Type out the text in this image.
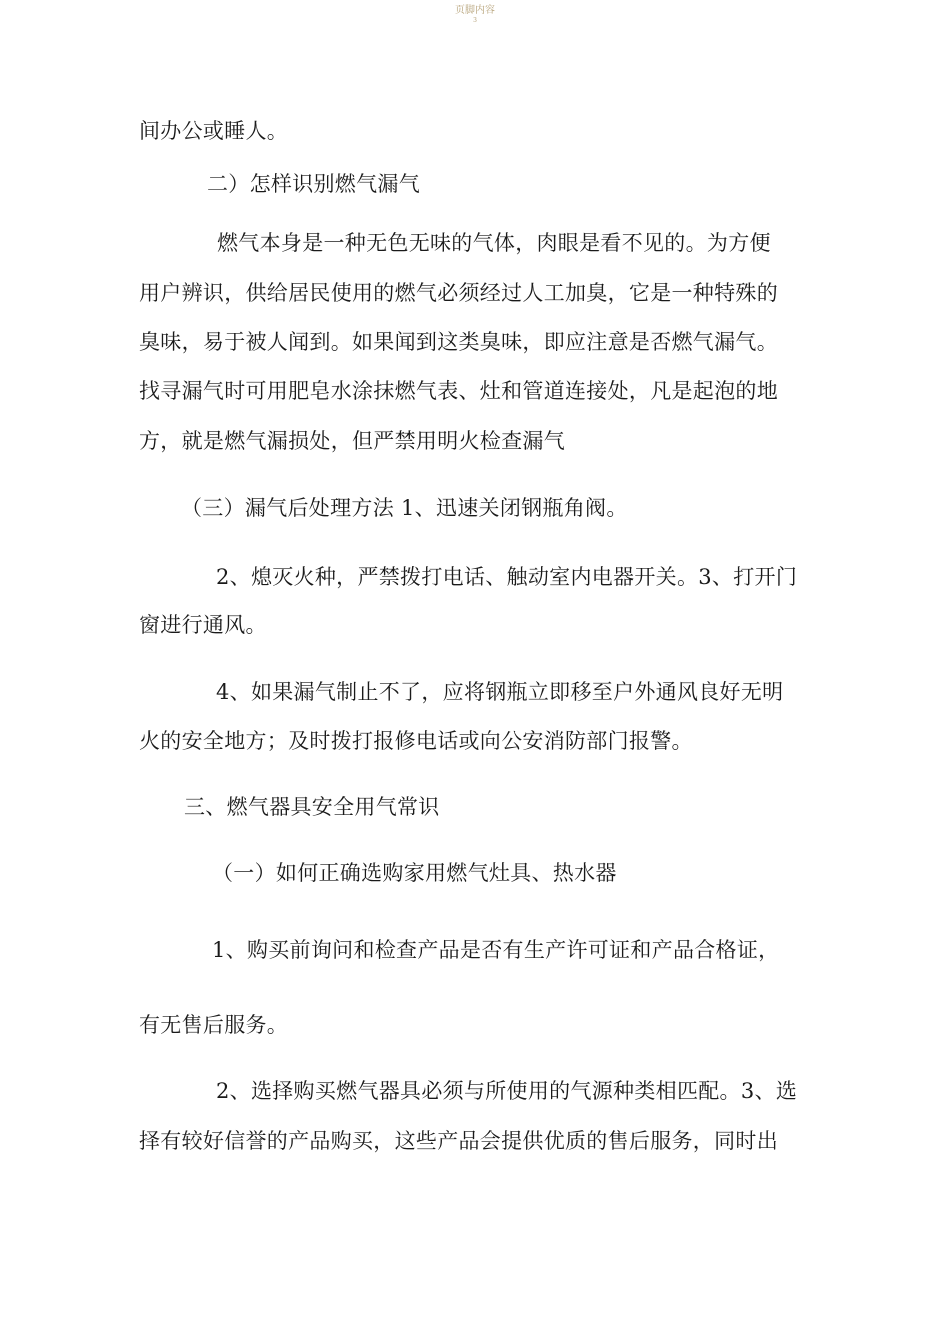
页脚内容
3
间办公或睡人。
二）怎样识别燃气漏气
燃气本身是一种无色无味的气体，肉眼是看不见的。为方便
用户辨识，供给居民使用的燃气必须经过人工加臭，它是一种特殊的
臭味，易于被人闻到。如果闻到这类臭味，即应注意是否燃气漏气。
找寻漏气时可用肥皂水涂抹燃气表、灶和管道连接处，凡是起泡的地
方，就是燃气漏损处，但严禁用明火检查漏气
（三）漏气后处理方法 1、迅速关闭钢瓶角阀。
2、熄灭火种，严禁拨打电话、触动室内电器开关。3、打开门
窗进行通风。
4、如果漏气制止不了，应将钢瓶立即移至户外通风良好无明
火的安全地方；及时拨打报修电话或向公安消防部门报警。
三、燃气器具安全用气常识
（一）如何正确选购家用燃气灶具、热水器
1、购买前询问和检查产品是否有生产许可证和产品合格证，
有无售后服务。
2、选择购买燃气器具必须与所使用的气源种类相匹配。3、选
择有较好信誉的产品购买，这些产品会提供优质的售后服务，同时出
